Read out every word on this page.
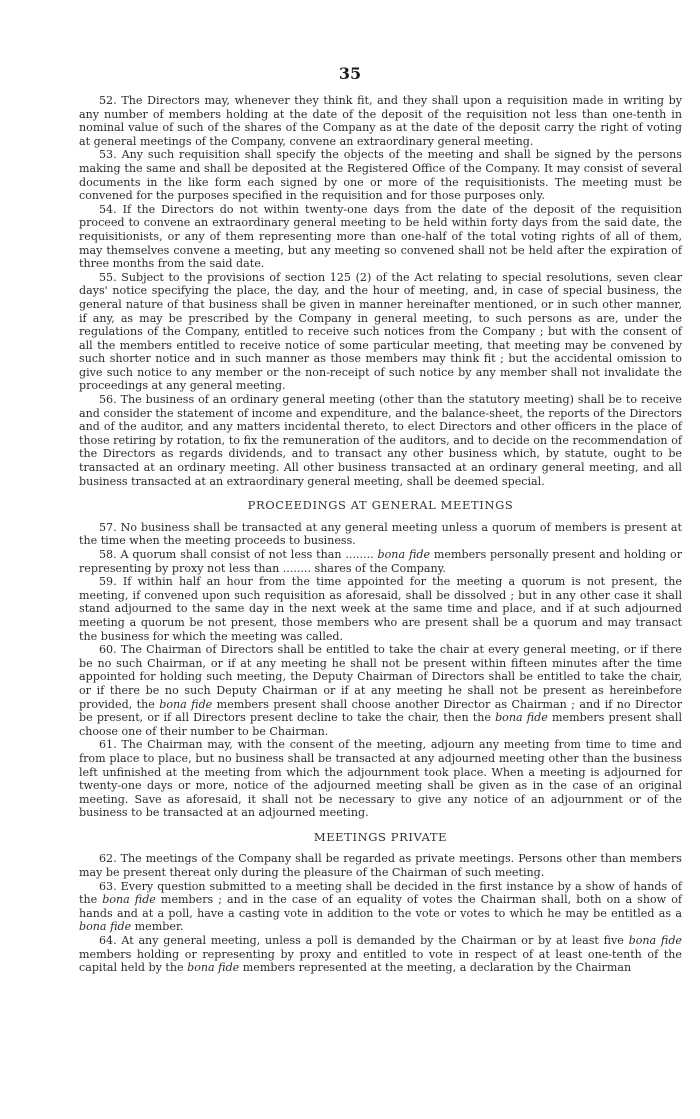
35

52. The Directors may, whenever they think fit, and they shall upon a requisition made in writing by any number of members holding at the date of the deposit of the requisition not less than one-tenth in nominal value of such of the shares of the Company as at the date of the deposit carry the right of voting at general meetings of the Company, convene an extraordinary general meeting.

53. Any such requisition shall specify the objects of the meeting and shall be signed by the persons making the same and shall be deposited at the Registered Office of the Company. It may consist of several documents in the like form each signed by one or more of the requisitionists. The meeting must be convened for the purposes specified in the requisition and for those purposes only.

54. If the Directors do not within twenty-one days from the date of the deposit of the requisition proceed to convene an extraordinary general meeting to be held within forty days from the said date, the requisitionists, or any of them representing more than one-half of the total voting rights of all of them, may themselves convene a meeting, but any meeting so convened shall not be held after the expiration of three months from the said date.

55. Subject to the provisions of section 125 (2) of the Act relating to special resolutions, seven clear days' notice specifying the place, the day, and the hour of meeting, and, in case of special business, the general nature of that business shall be given in manner hereinafter mentioned, or in such other manner, if any, as may be prescribed by the Company in general meeting, to such persons as are, under the regulations of the Company, entitled to receive such notices from the Company ; but with the consent of all the members entitled to receive notice of some particular meeting, that meeting may be convened by such shorter notice and in such manner as those members may think fit ; but the accidental omission to give such notice to any member or the non-receipt of such notice by any member shall not invalidate the proceedings at any general meeting.

56. The business of an ordinary general meeting (other than the statutory meeting) shall be to receive and consider the statement of income and expenditure, and the balance-sheet, the reports of the Directors and of the auditor, and any matters incidental thereto, to elect Directors and other officers in the place of those retiring by rotation, to fix the remuneration of the auditors, and to decide on the recommendation of the Directors as regards dividends, and to transact any other business which, by statute, ought to be transacted at an ordinary meeting. All other business transacted at an ordinary general meeting, and all business transacted at an extraordinary general meeting, shall be deemed special.

PROCEEDINGS AT GENERAL MEETINGS

57. No business shall be transacted at any general meeting unless a quorum of members is present at the time when the meeting proceeds to business.

58. A quorum shall consist of not less than ........ bona fide members personally present and holding or representing by proxy not less than ........ shares of the Company.

59. If within half an hour from the time appointed for the meeting a quorum is not present, the meeting, if convened upon such requisition as aforesaid, shall be dissolved ; but in any other case it shall stand adjourned to the same day in the next week at the same time and place, and if at such adjourned meeting a quorum be not present, those members who are present shall be a quorum and may transact the business for which the meeting was called.

60. The Chairman of Directors shall be entitled to take the chair at every general meeting, or if there be no such Chairman, or if at any meeting he shall not be present within fifteen minutes after the time appointed for holding such meeting, the Deputy Chairman of Directors shall be entitled to take the chair, or if there be no such Deputy Chairman or if at any meeting he shall not be present as hereinbefore provided, the bona fide members present shall choose another Director as Chairman ; and if no Director be present, or if all Directors present decline to take the chair, then the bona fide members present shall choose one of their number to be Chairman.

61. The Chairman may, with the consent of the meeting, adjourn any meeting from time to time and from place to place, but no business shall be transacted at any adjourned meeting other than the business left unfinished at the meeting from which the adjournment took place. When a meeting is adjourned for twenty-one days or more, notice of the adjourned meeting shall be given as in the case of an original meeting. Save as aforesaid, it shall not be necessary to give any notice of an adjournment or of the business to be transacted at an adjourned meeting.

MEETINGS PRIVATE

62. The meetings of the Company shall be regarded as private meetings. Persons other than members may be present thereat only during the pleasure of the Chairman of such meeting.

63. Every question submitted to a meeting shall be decided in the first instance by a show of hands of the bona fide members ; and in the case of an equality of votes the Chairman shall, both on a show of hands and at a poll, have a casting vote in addition to the vote or votes to which he may be entitled as a bona fide member.

64. At any general meeting, unless a poll is demanded by the Chairman or by at least five bona fide members holding or representing by proxy and entitled to vote in respect of at least one-tenth of the capital held by the bona fide members represented at the meeting, a declaration by the Chairman
